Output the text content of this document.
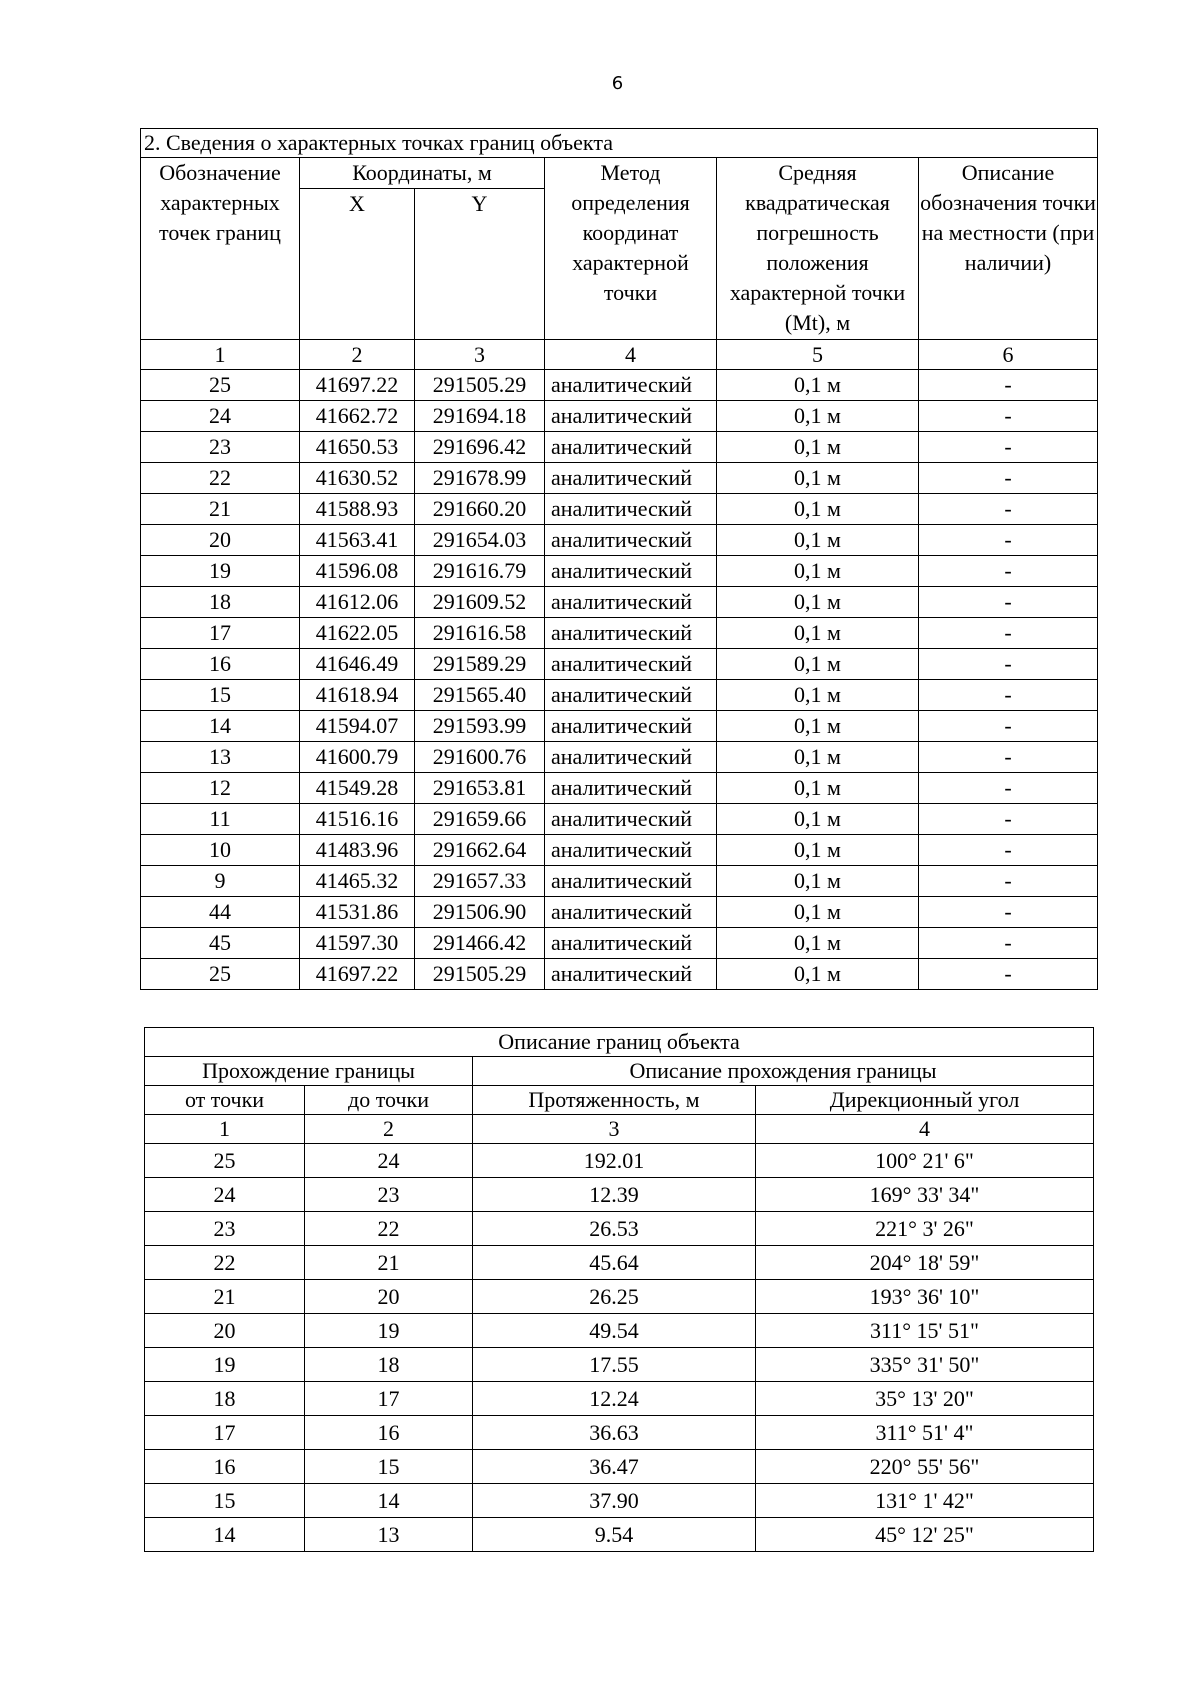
6
2. Сведения о характерных точках границ объекта					
Обозначение характерных точек границ	Координаты, м		Метод определения координат характерной точки	Средняя квадратическая погрешность положения характерной точки (Mt), м	Описание обозначения точки на местности (при наличии)
	X	Y			
1	2	3	4	5	6
25	41697.22	291505.29	аналитический	0,1 м	-
24	41662.72	291694.18	аналитический	0,1 м	-
23	41650.53	291696.42	аналитический	0,1 м	-
22	41630.52	291678.99	аналитический	0,1 м	-
21	41588.93	291660.20	аналитический	0,1 м	-
20	41563.41	291654.03	аналитический	0,1 м	-
19	41596.08	291616.79	аналитический	0,1 м	-
18	41612.06	291609.52	аналитический	0,1 м	-
17	41622.05	291616.58	аналитический	0,1 м	-
16	41646.49	291589.29	аналитический	0,1 м	-
15	41618.94	291565.40	аналитический	0,1 м	-
14	41594.07	291593.99	аналитический	0,1 м	-
13	41600.79	291600.76	аналитический	0,1 м	-
12	41549.28	291653.81	аналитический	0,1 м	-
11	41516.16	291659.66	аналитический	0,1 м	-
10	41483.96	291662.64	аналитический	0,1 м	-
9	41465.32	291657.33	аналитический	0,1 м	-
44	41531.86	291506.90	аналитический	0,1 м	-
45	41597.30	291466.42	аналитический	0,1 м	-
25	41697.22	291505.29	аналитический	0,1 м	-
Описание границ объекта			
Прохождение границы		Описание прохождения границы	
от точки	до точки	Протяженность, м	Дирекционный угол
1	2	3	4
25	24	192.01	100° 21' 6"
24	23	12.39	169° 33' 34"
23	22	26.53	221° 3' 26"
22	21	45.64	204° 18' 59"
21	20	26.25	193° 36' 10"
20	19	49.54	311° 15' 51"
19	18	17.55	335° 31' 50"
18	17	12.24	35° 13' 20"
17	16	36.63	311° 51' 4"
16	15	36.47	220° 55' 56"
15	14	37.90	131° 1' 42"
14	13	9.54	45° 12' 25"
